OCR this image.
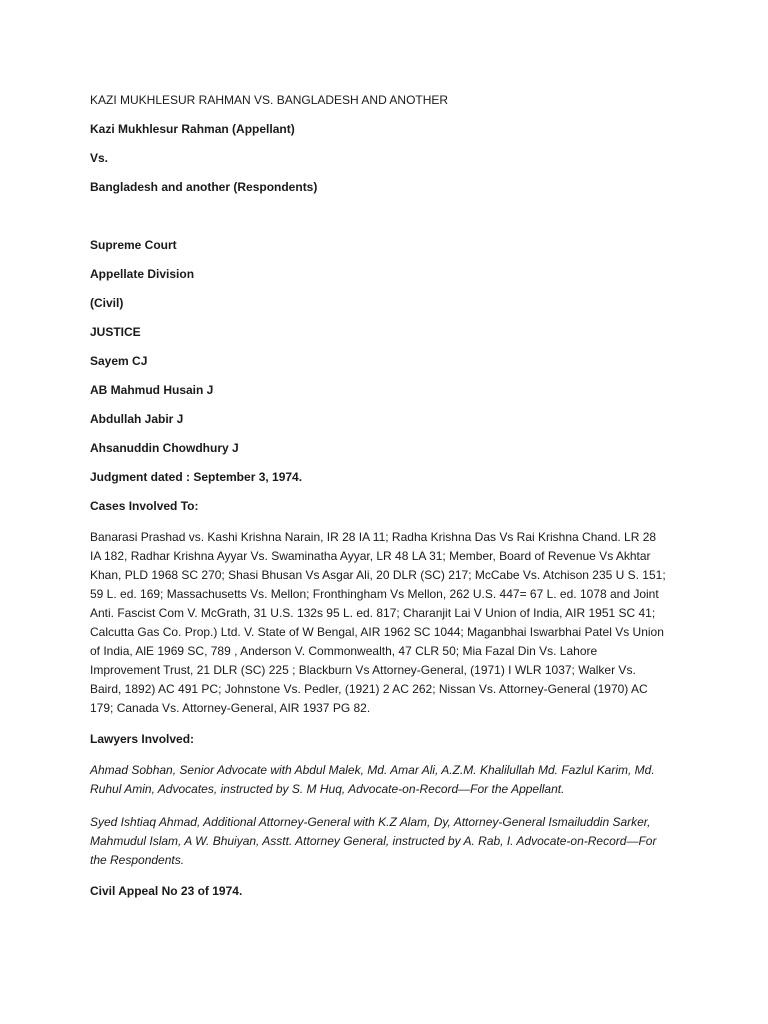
KAZI MUKHLESUR RAHMAN VS. BANGLADESH AND ANOTHER
Kazi Mukhlesur Rahman (Appellant)
Vs.
Bangladesh and another (Respondents)
Supreme Court
Appellate Division
(Civil)
JUSTICE
Sayem CJ
AB Mahmud Husain J
Abdullah Jabir J
Ahsanuddin Chowdhury J
Judgment dated : September 3, 1974.
Cases Involved To:
Banarasi Prashad vs. Kashi Krishna Narain, IR 28 IA 11; Radha Krishna Das Vs Rai Krishna Chand. LR 28 IA 182, Radhar Krishna Ayyar Vs. Swaminatha Ayyar, LR 48 LA 31; Member, Board of Revenue Vs Akhtar Khan, PLD 1968 SC 270; Shasi Bhusan Vs Asgar Ali, 20 DLR (SC) 217; McCabe Vs. Atchison 235 U S. 151; 59 L. ed. 169; Massachusetts Vs. Mellon; Fronthingham Vs Mellon, 262 U.S. 447= 67 L. ed. 1078 and Joint Anti. Fascist Com V. McGrath, 31 U.S. 132s 95 L. ed. 817; Charanjit Lai V Union of India, AIR 1951 SC 41; Calcutta Gas Co. Prop.) Ltd. V. State of W Bengal, AIR 1962 SC 1044; Maganbhai Iswarbhai Patel Vs Union of India, AlE 1969 SC, 789 , Anderson V. Commonwealth, 47 CLR 50; Mia Fazal Din Vs. Lahore Improvement Trust, 21 DLR (SC) 225 ; Blackburn Vs Attorney-General, (1971) I WLR 1037; Walker Vs. Baird, 1892) AC 491 PC; Johnstone Vs. Pedler, (1921) 2 AC 262; Nissan Vs. Attorney-General (1970) AC 179; Canada Vs. Attorney-General, AIR 1937 PG 82.
Lawyers Involved:
Ahmad Sobhan, Senior Advocate with Abdul Malek, Md. Amar Ali, A.Z.M. Khalilullah Md. Fazlul Karim, Md. Ruhul Amin, Advocates, instructed by S. M Huq, Advocate-on-Record—For the Appellant.
Syed Ishtiaq Ahmad, Additional Attorney-General with K.Z Alam, Dy, Attorney-General Ismailuddin Sarker, Mahmudul Islam, A W. Bhuiyan, Asstt. Attorney General, instructed by A. Rab, I. Advocate-on-Record—For the Respondents.
Civil Appeal No 23 of 1974.
